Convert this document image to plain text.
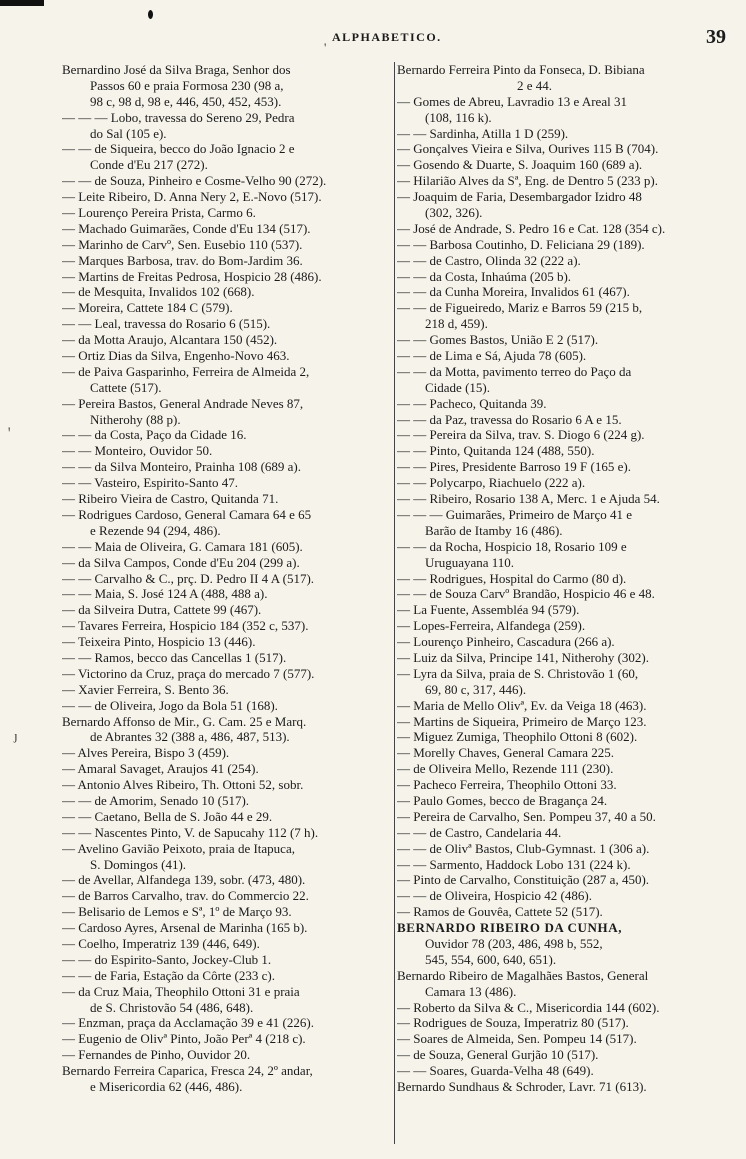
'
ꞌ
ȷ
ALPHABETICO.	39
Bernardino José da Silva Braga, Senhor dos
Passos 60 e praia Formosa 230 (98 a,
98 c, 98 d, 98 e, 446, 450, 452, 453).
— — — Lobo, travessa do Sereno 29, Pedra
do Sal (105 e).
— — de Siqueira, becco do João Ignacio 2 e
Conde d'Eu 217 (272).
— — de Souza, Pinheiro e Cosme-Velho 90 (272).
— Leite Ribeiro, D. Anna Nery 2, E.-Novo (517).
— Lourenço Pereira Prista, Carmo 6.
— Machado Guimarães, Conde d'Eu 134 (517).
— Marinho de Carvº, Sen. Eusebio 110 (537).
— Marques Barbosa, trav. do Bom-Jardim 36.
— Martins de Freitas Pedrosa, Hospicio 28 (486).
— de Mesquita, Invalidos 102 (668).
— Moreira, Cattete 184 C (579).
— — Leal, travessa do Rosario 6 (515).
— da Motta Araujo, Alcantara 150 (452).
— Ortiz Dias da Silva, Engenho-Novo 463.
— de Paiva Gasparinho, Ferreira de Almeida 2,
Cattete (517).
— Pereira Bastos, General Andrade Neves 87,
Nitherohy (88 p).
— — da Costa, Paço da Cidade 16.
— — Monteiro, Ouvidor 50.
— — da Silva Monteiro, Prainha 108 (689 a).
— — Vasteiro, Espirito-Santo 47.
— Ribeiro Vieira de Castro, Quitanda 71.
— Rodrigues Cardoso, General Camara 64 e 65
e Rezende 94 (294, 486).
— — Maia de Oliveira, G. Camara 181 (605).
— da Silva Campos, Conde d'Eu 204 (299 a).
— — Carvalho & C., prç. D. Pedro II 4 A (517).
— — Maia, S. José 124 A (488, 488 a).
— da Silveira Dutra, Cattete 99 (467).
— Tavares Ferreira, Hospicio 184 (352 c, 537).
— Teixeira Pinto, Hospicio 13 (446).
— — Ramos, becco das Cancellas 1 (517).
— Victorino da Cruz, praça do mercado 7 (577).
— Xavier Ferreira, S. Bento 36.
— — de Oliveira, Jogo da Bola 51 (168).
Bernardo Affonso de Mir., G. Cam. 25 e Marq.
de Abrantes 32 (388 a, 486, 487, 513).
— Alves Pereira, Bispo 3 (459).
— Amaral Savaget, Araujos 41 (254).
— Antonio Alves Ribeiro, Th. Ottoni 52, sobr.
— — de Amorim, Senado 10 (517).
— — Caetano, Bella de S. João 44 e 29.
— — Nascentes Pinto, V. de Sapucahy 112 (7 h).
— Avelino Gavião Peixoto, praia de Itapuca,
S. Domingos (41).
— de Avellar, Alfandega 139, sobr. (473, 480).
— de Barros Carvalho, trav. do Commercio 22.
— Belisario de Lemos e Sª, 1º de Março 93.
— Cardoso Ayres, Arsenal de Marinha (165 b).
— Coelho, Imperatriz 139 (446, 649).
— — do Espirito-Santo, Jockey-Club 1.
— — de Faria, Estação da Côrte (233 c).
— da Cruz Maia, Theophilo Ottoni 31 e praia
de S. Christovão 54 (486, 648).
— Enzman, praça da Acclamação 39 e 41 (226).
— Eugenio de Olivª Pinto, João Perª 4 (218 c).
— Fernandes de Pinho, Ouvidor 20.
Bernardo Ferreira Caparica, Fresca 24, 2º andar,
e Misericordia 62 (446, 486).
Bernardo Ferreira Pinto da Fonseca, D. Bibiana
2 e 44.
— Gomes de Abreu, Lavradio 13 e Areal 31
(108, 116 k).
— — Sardinha, Atilla 1 D (259).
— Gonçalves Vieira e Silva, Ourives 115 B (704).
— Gosendo & Duarte, S. Joaquim 160 (689 a).
— Hilarião Alves da Sª, Eng. de Dentro 5 (233 p).
— Joaquim de Faria, Desembargador Izidro 48
(302, 326).
— José de Andrade, S. Pedro 16 e Cat. 128 (354 c).
— — Barbosa Coutinho, D. Feliciana 29 (189).
— — de Castro, Olinda 32 (222 a).
— — da Costa, Inhaúma (205 b).
— — da Cunha Moreira, Invalidos 61 (467).
— — de Figueiredo, Mariz e Barros 59 (215 b,
218 d, 459).
— — Gomes Bastos, União E 2 (517).
— — de Lima e Sá, Ajuda 78 (605).
— — da Motta, pavimento terreo do Paço da
Cidade (15).
— — Pacheco, Quitanda 39.
— — da Paz, travessa do Rosario 6 A e 15.
— — Pereira da Silva, trav. S. Diogo 6 (224 g).
— — Pinto, Quitanda 124 (488, 550).
— — Pires, Presidente Barroso 19 F (165 e).
— — Polycarpo, Riachuelo (222 a).
— — Ribeiro, Rosario 138 A, Merc. 1 e Ajuda 54.
— — — Guimarães, Primeiro de Março 41 e
Barão de Itamby 16 (486).
— — da Rocha, Hospicio 18, Rosario 109 e
Uruguayana 110.
— — Rodrigues, Hospital do Carmo (80 d).
— — de Souza Carvº Brandão, Hospicio 46 e 48.
— La Fuente, Assembléa 94 (579).
— Lopes-Ferreira, Alfandega (259).
— Lourenço Pinheiro, Cascadura (266 a).
— Luiz da Silva, Principe 141, Nitherohy (302).
— Lyra da Silva, praia de S. Christovão 1 (60,
69, 80 c, 317, 446).
— Maria de Mello Olivª, Ev. da Veiga 18 (463).
— Martins de Siqueira, Primeiro de Março 123.
— Miguez Zumiga, Theophilo Ottoni 8 (602).
— Morelly Chaves, General Camara 225.
— de Oliveira Mello, Rezende 111 (230).
— Pacheco Ferreira, Theophilo Ottoni 33.
— Paulo Gomes, becco de Bragança 24.
— Pereira de Carvalho, Sen. Pompeu 37, 40 a 50.
— — de Castro, Candelaria 44.
— — de Olivª Bastos, Club-Gymnast. 1 (306 a).
— — Sarmento, Haddock Lobo 131 (224 k).
— Pinto de Carvalho, Constituição (287 a, 450).
— — de Oliveira, Hospicio 42 (486).
— Ramos de Gouvêa, Cattete 52 (517).
BERNARDO RIBEIRO DA CUNHA,
Ouvidor 78 (203, 486, 498 b, 552,
545, 554, 600, 640, 651).
Bernardo Ribeiro de Magalhães Bastos, General
Camara 13 (486).
— Roberto da Silva & C., Misericordia 144 (602).
— Rodrigues de Souza, Imperatriz 80 (517).
— Soares de Almeida, Sen. Pompeu 14 (517).
— de Souza, General Gurjão 10 (517).
— — Soares, Guarda-Velha 48 (649).
Bernardo Sundhaus & Schroder, Lavr. 71 (613).
